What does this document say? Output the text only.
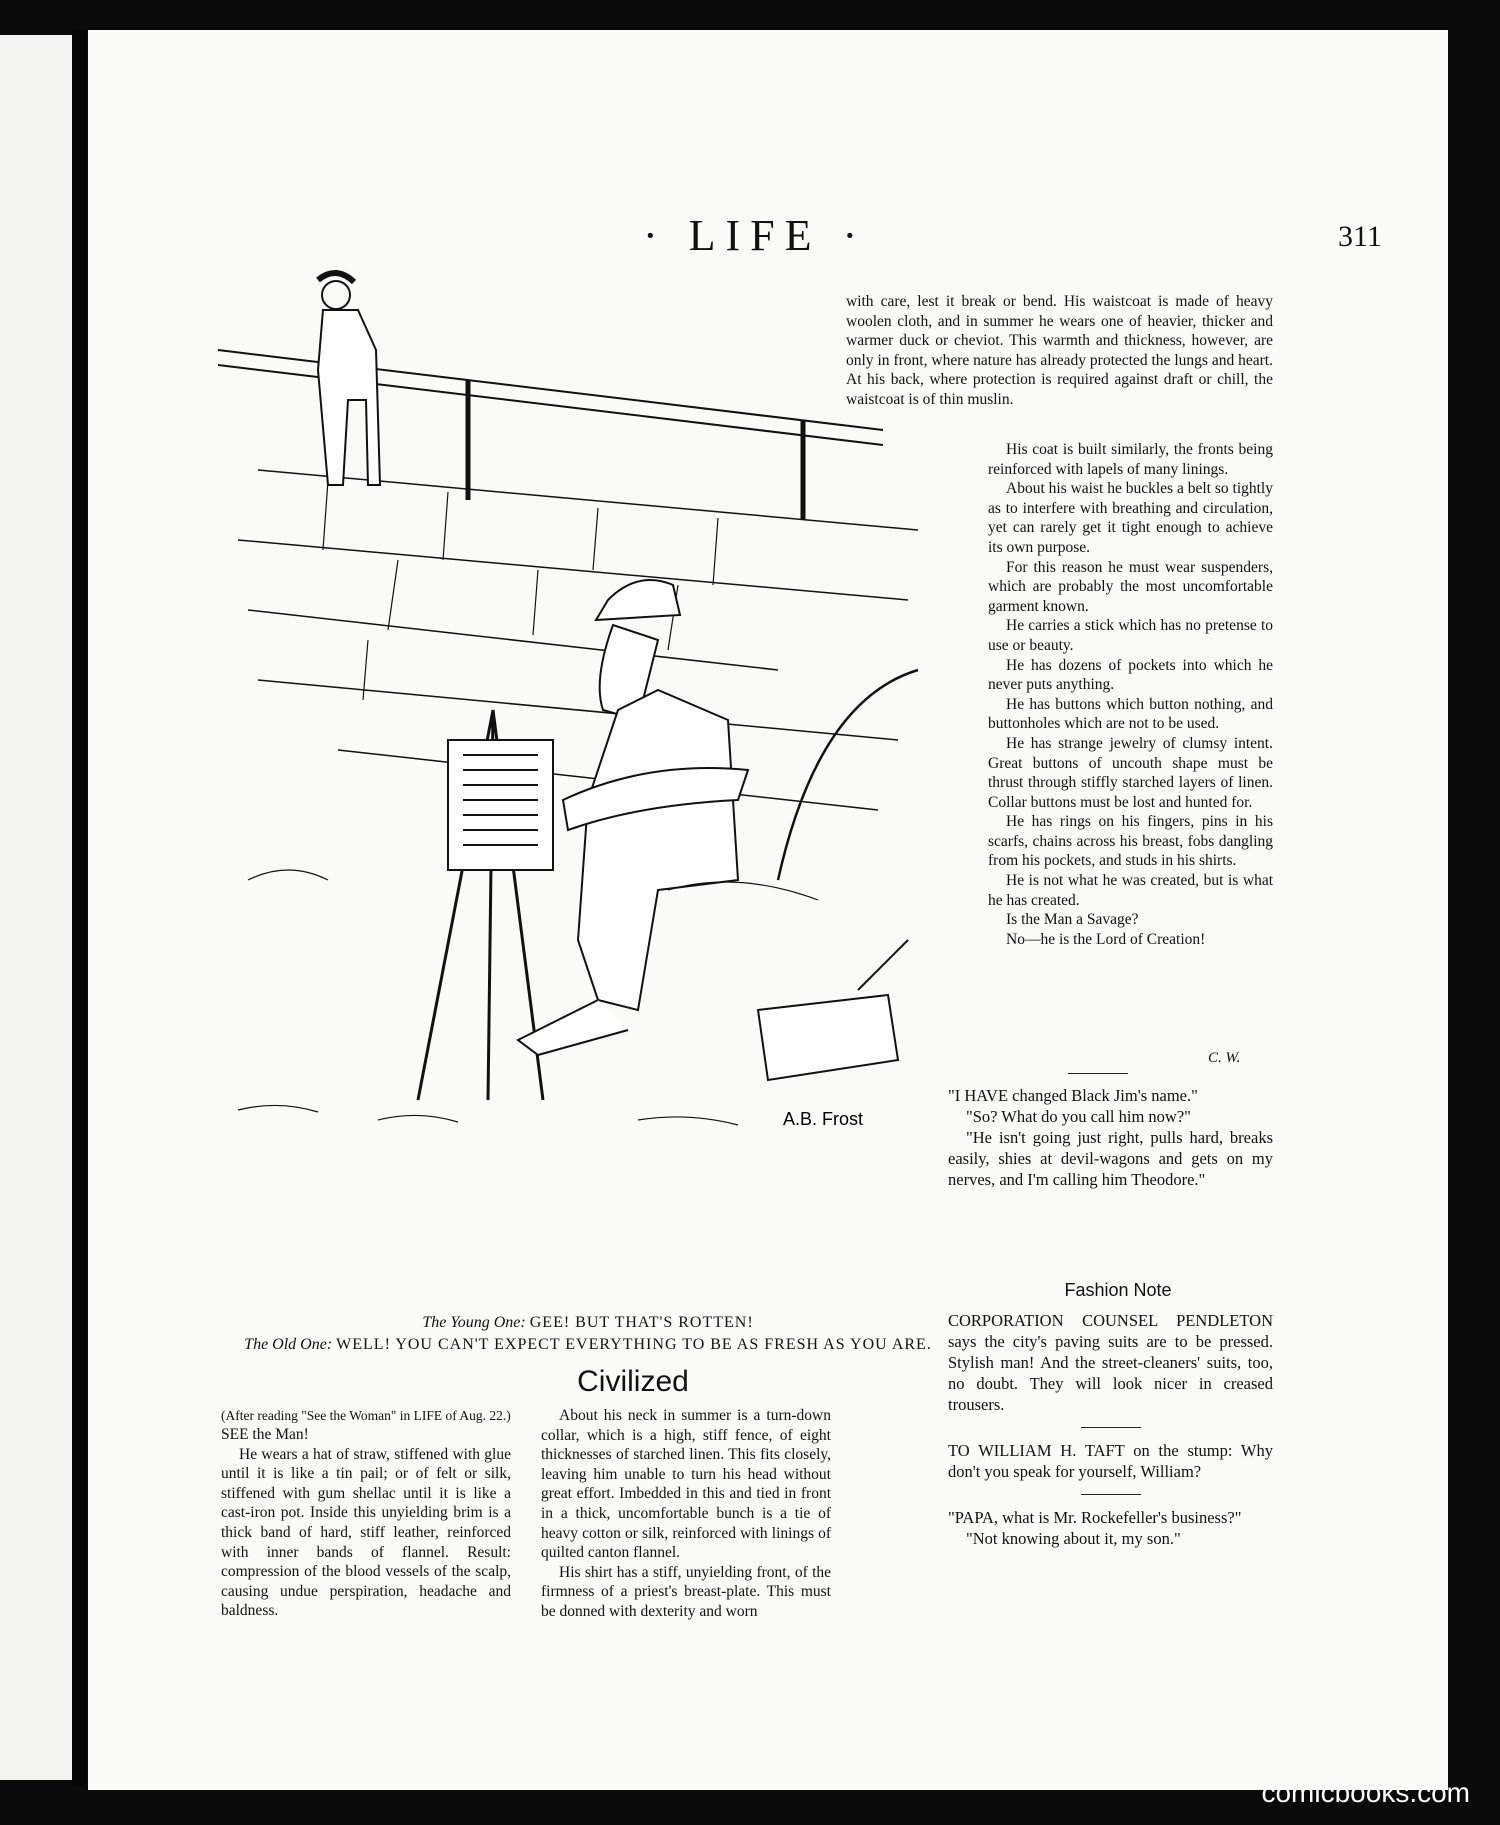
· LIFE ·	311
A.B. Frost
The Young One: GEE! BUT THAT'S ROTTEN!
The Old One: WELL! YOU CAN'T EXPECT EVERYTHING TO BE AS FRESH AS YOU ARE.
Civilized
(After reading "See the Woman" in LIFE of Aug. 22.)

SEE the Man!

He wears a hat of straw, stiffened with glue until it is like a tin pail; or of felt or silk, stiffened with gum shellac until it is like a cast-iron pot. Inside this unyielding brim is a thick band of hard, stiff leather, reinforced with inner bands of flannel. Result: compression of the blood vessels of the scalp, causing undue perspiration, headache and baldness.

About his neck in summer is a turn-down collar, which is a high, stiff fence, of eight thicknesses of starched linen. This fits closely, leaving him unable to turn his head without great effort. Imbedded in this and tied in front in a thick, uncomfortable bunch is a tie of heavy cotton or silk, reinforced with linings of quilted canton flannel.

His shirt has a stiff, unyielding front, of the firmness of a priest's breast-plate. This must be donned with dexterity and worn

with care, lest it break or bend. His waistcoat is made of heavy woolen cloth, and in summer he wears one of heavier, thicker and warmer duck or cheviot. This warmth and thickness, however, are only in front, where nature has already protected the lungs and heart. At his back, where protection is required against draft or chill, the waistcoat is of thin muslin.

His coat is built similarly, the fronts being reinforced with lapels of many linings.

About his waist he buckles a belt so tightly as to interfere with breathing and circulation, yet can rarely get it tight enough to achieve its own purpose.

For this reason he must wear suspenders, which are probably the most uncomfortable garment known.

He carries a stick which has no pretense to use or beauty.

He has dozens of pockets into which he never puts anything.

He has buttons which button nothing, and buttonholes which are not to be used.

He has strange jewelry of clumsy intent. Great buttons of uncouth shape must be thrust through stiffly starched layers of linen. Collar buttons must be lost and hunted for.

He has rings on his fingers, pins in his scarfs, chains across his breast, fobs dangling from his pockets, and studs in his shirts.

He is not what he was created, but is what he has created.

Is the Man a Savage?

No—he is the Lord of Creation!

C. W.

"I HAVE changed Black Jim's name."

"So? What do you call him now?"

"He isn't going just right, pulls hard, breaks easily, shies at devil-wagons and gets on my nerves, and I'm calling him Theodore."

Fashion Note

CORPORATION COUNSEL PENDLETON says the city's paving suits are to be pressed. Stylish man! And the street-cleaners' suits, too, no doubt. They will look nicer in creased trousers.

TO WILLIAM H. TAFT on the stump: Why don't you speak for yourself, William?

"PAPA, what is Mr. Rockefeller's business?"

"Not knowing about it, my son."

comicbooks.com
